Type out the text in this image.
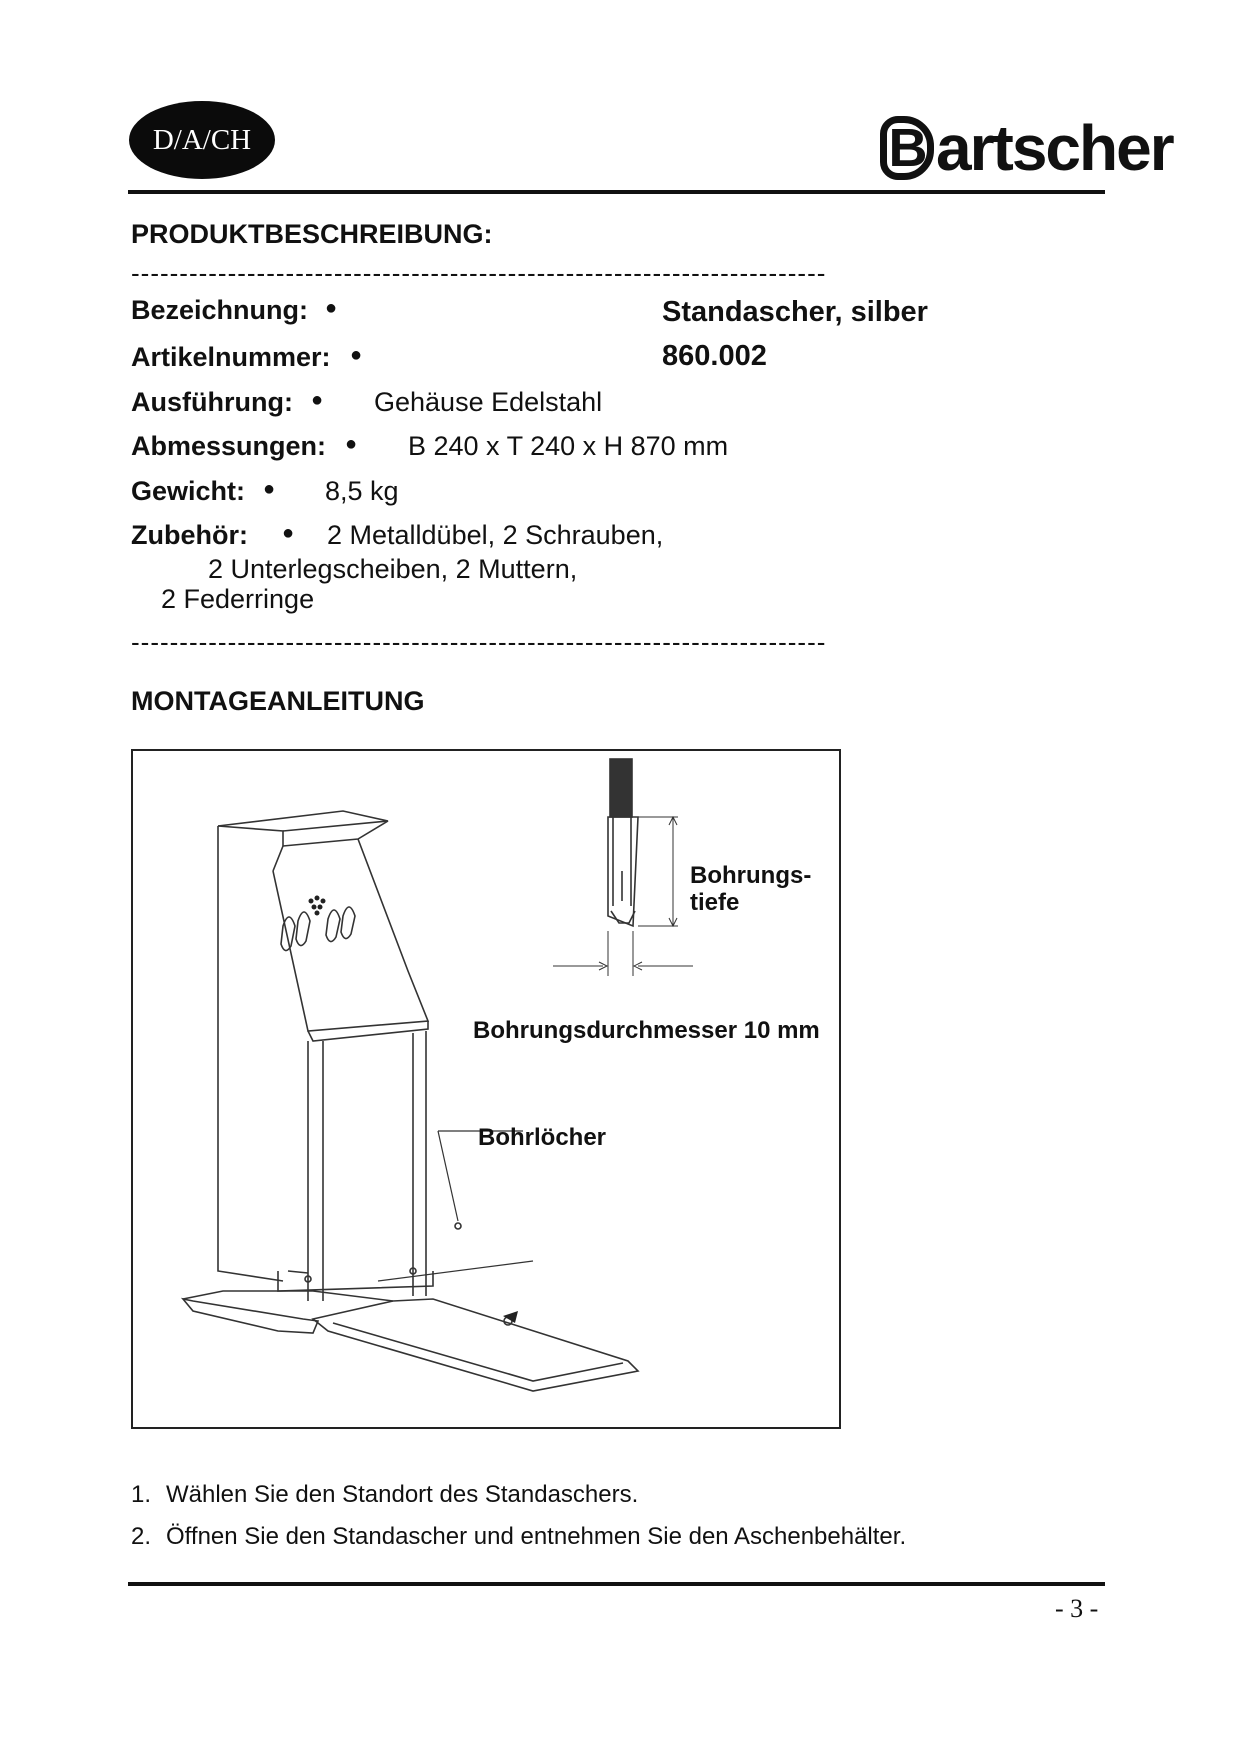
D/A/CH	B artscher
PRODUKTBESCHREIBUNG:
------------------------------------------------------------------------
Bezeichnung: ●	Standascher, silber
Artikelnummer: ●	860.002
Ausführung: ● Gehäuse Edelstahl
Abmessungen: ● B 240 x T 240 x H 870 mm
Gewicht: ● 8,5 kg
Zubehör: ● 2 Metalldübel, 2 Schrauben,
2 Unterlegscheiben, 2 Muttern,
2 Federringe
------------------------------------------------------------------------
MONTAGEANLEITUNG
Bohrungs-
tiefe
Bohrungsdurchmesser 10 mm
Bohrlöcher
1. Wählen Sie den Standort des Standaschers.
2. Öffnen Sie den Standascher und entnehmen Sie den Aschenbehälter.
- 3 -
